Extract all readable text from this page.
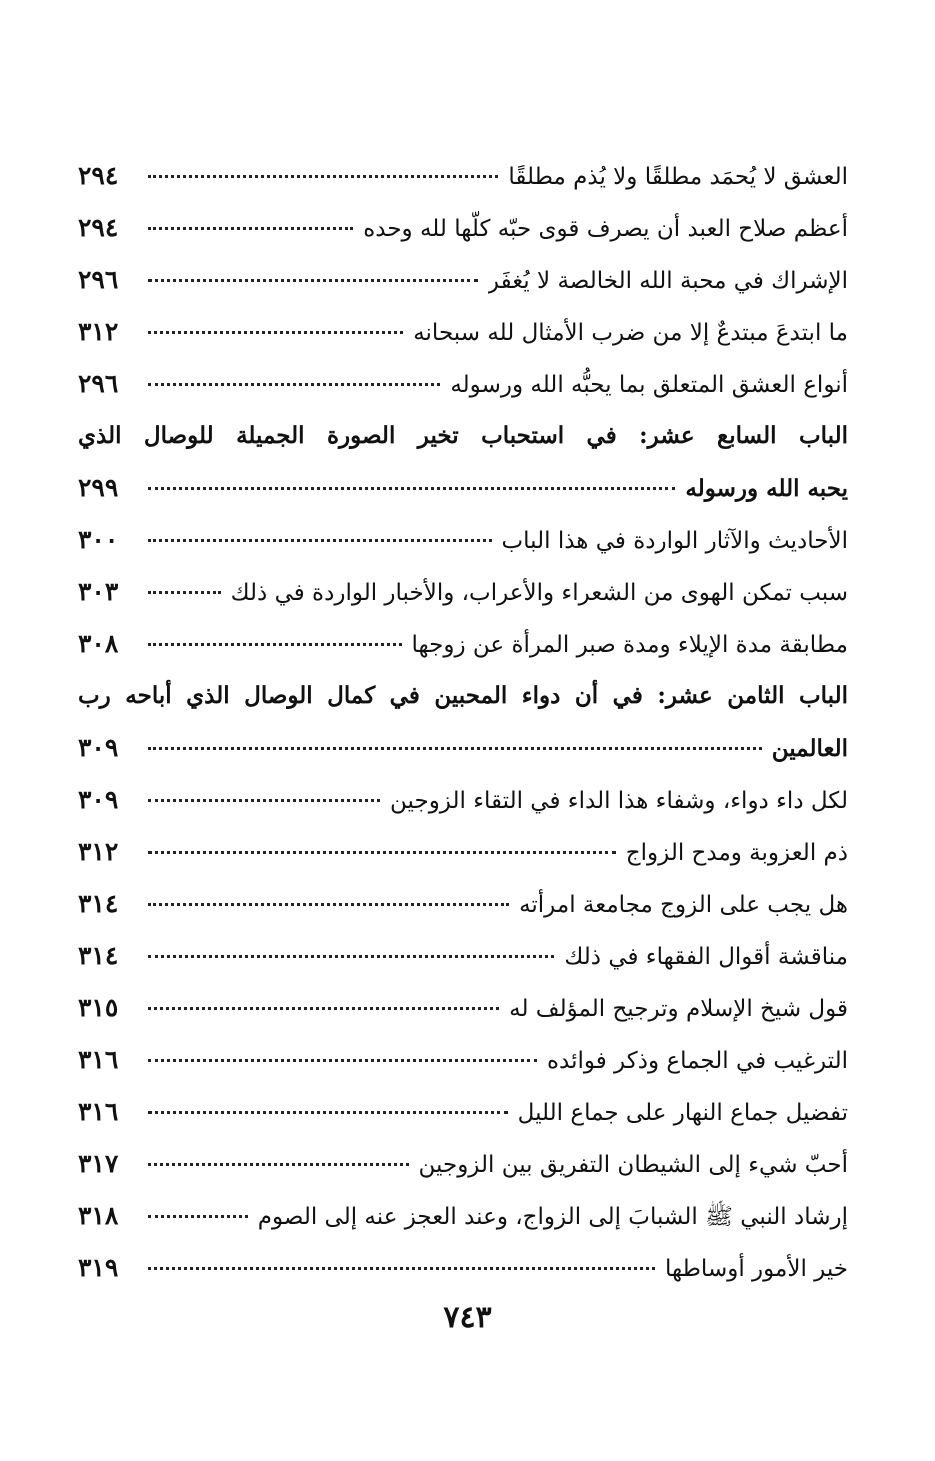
العشق لا يُحمَد مطلقًا ولا يُذم مطلقًا
٢٩٤
أعظم صلاح العبد أن يصرف قوى حبّه كلّها لله وحده
٢٩٤
الإشراك في محبة الله الخالصة لا يُغفَر
٢٩٦
ما ابتدعَ مبتدعٌ إلا من ضرب الأمثال لله سبحانه
٣١٢
أنواع العشق المتعلق بما يحبُّه الله ورسوله
٢٩٦
الباب السابع عشر: في استحباب تخير الصورة الجميلة للوصال الذي
يحبه الله ورسوله
٢٩٩
الأحاديث والآثار الواردة في هذا الباب
٣٠٠
سبب تمكن الهوى من الشعراء والأعراب، والأخبار الواردة في ذلك
٣٠٣
مطابقة مدة الإيلاء ومدة صبر المرأة عن زوجها
٣٠٨
الباب الثامن عشر: في أن دواء المحبين في كمال الوصال الذي أباحه رب
العالمين
٣٠٩
لكل داء دواء، وشفاء هذا الداء في التقاء الزوجين
٣٠٩
ذم العزوبة ومدح الزواج
٣١٢
هل يجب على الزوج مجامعة امرأته
٣١٤
مناقشة أقوال الفقهاء في ذلك
٣١٤
قول شيخ الإسلام وترجيح المؤلف له
٣١٥
الترغيب في الجماع وذكر فوائده
٣١٦
تفضيل جماع النهار على جماع الليل
٣١٦
أحبّ شيء إلى الشيطان التفريق بين الزوجين
٣١٧
إرشاد النبي ﷺ الشبابَ إلى الزواج، وعند العجز عنه إلى الصوم
٣١٨
خير الأمور أوساطها
٣١٩
٧٤٣
